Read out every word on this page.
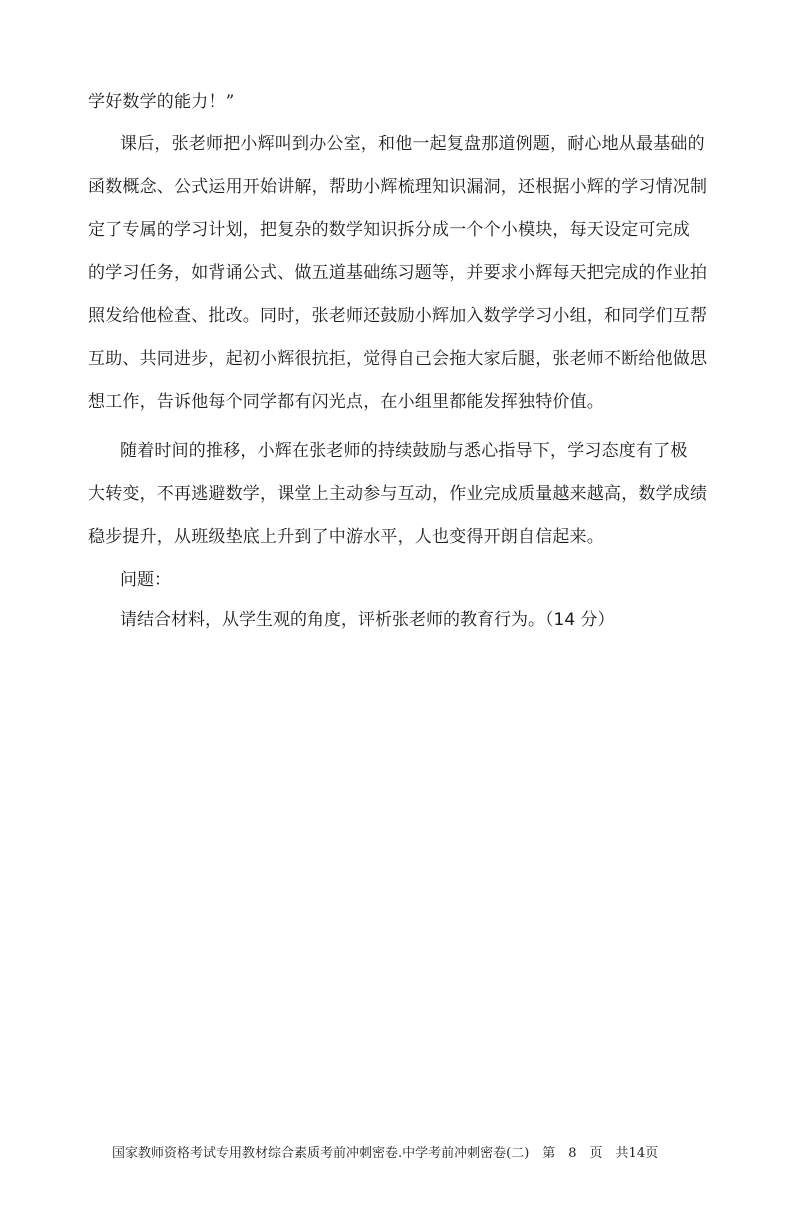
学好数学的能力！”
课后，张老师把小辉叫到办公室，和他一起复盘那道例题，耐心地从最基础的
函数概念、公式运用开始讲解，帮助小辉梳理知识漏洞，还根据小辉的学习情况制
定了专属的学习计划，把复杂的数学知识拆分成一个个小模块，每天设定可完成
的学习任务，如背诵公式、做五道基础练习题等，并要求小辉每天把完成的作业拍
照发给他检查、批改。同时，张老师还鼓励小辉加入数学学习小组，和同学们互帮
互助、共同进步，起初小辉很抗拒，觉得自己会拖大家后腿，张老师不断给他做思
想工作，告诉他每个同学都有闪光点，在小组里都能发挥独特价值。
随着时间的推移，小辉在张老师的持续鼓励与悉心指导下，学习态度有了极
大转变，不再逃避数学，课堂上主动参与互动，作业完成质量越来越高，数学成绩
稳步提升，从班级垫底上升到了中游水平，人也变得开朗自信起来。
问题：
请结合材料，从学生观的角度，评析张老师的教育行为。（14 分）
国家教师资格考试专用教材综合素质考前冲刺密卷.中学考前冲刺密卷(二)　第　8　页　共14页
